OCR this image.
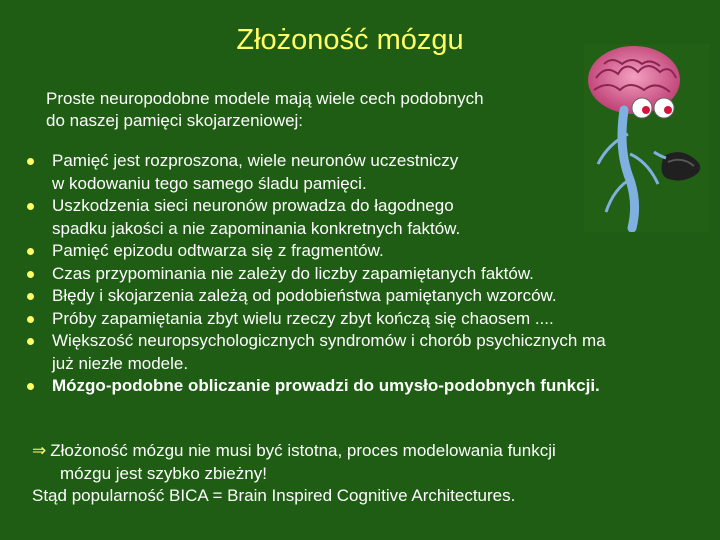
Złożoność mózgu
Proste neuropodobne modele mają wiele cech podobnych
do naszej pamięci skojarzeniowej:
Pamięć jest rozproszona, wiele neuronów uczestniczy
w kodowaniu tego samego śladu pamięci.
Uszkodzenia sieci neuronów prowadza do łagodnego
spadku jakości a nie zapominania konkretnych faktów.
Pamięć epizodu odtwarza się z fragmentów.
Czas przypominania nie zależy do liczby zapamiętanych faktów.
Błędy i skojarzenia zależą od podobieństwa pamiętanych wzorców.
Próby zapamiętania zbyt wielu rzeczy zbyt kończą się chaosem ....
Większość neuropsychologicznych syndromów i chorób psychicznych ma
już niezłe modele.
Mózgo-podobne obliczanie prowadzi do umysło-podobnych funkcji.
⇒ Złożoność mózgu nie musi być istotna, proces modelowania funkcji
mózgu jest szybko zbieżny!
Stąd popularność BICA = Brain Inspired Cognitive Architectures.
